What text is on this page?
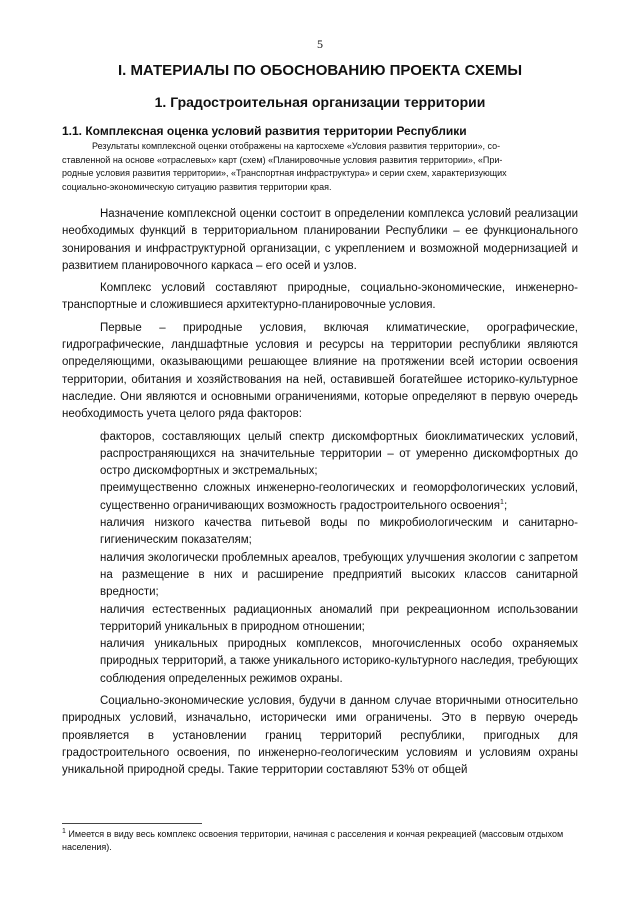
5
I. МАТЕРИАЛЫ ПО ОБОСНОВАНИЮ ПРОЕКТА СХЕМЫ
1. Градостроительная организации территории
1.1. Комплексная оценка условий развития территории Республики
Результаты комплексной оценки отображены на картосхеме «Условия развития территории», со-
ставленной на основе «отраслевых» карт (схем) «Планировочные условия развития территории», «При-
родные условия развития территории», «Транспортная инфраструктура» и серии схем, характеризующих
социально-экономическую ситуацию развития территории края.

Назначение комплексной оценки состоит в определении комплекса условий реализации необходимых функций в территориальном планировании Республики – ее функционального зонирования и инфраструктурной организации, с укреплением и возможной модернизацией и развитием планировочного каркаса – его осей и узлов.

Комплекс условий составляют природные, социально-экономические, инженерно-транспортные и сложившиеся архитектурно-планировочные условия.

Первые – природные условия, включая климатические, орографические, гидрографические, ландшафтные условия и ресурсы на территории республики являются определяющими, оказывающими решающее влияние на протяжении всей истории освоения территории, обитания и хозяйствования на ней, оставившей богатейшее историко-культурное наследие. Они являются и основными ограничениями, которые определяют в первую очередь необходимость учета целого ряда факторов:

факторов, составляющих целый спектр дискомфортных биоклиматических условий, распространяющихся на значительные территории – от умеренно дискомфортных до остро дискомфортных и экстремальных;
преимущественно сложных инженерно-геологических и геоморфологических условий, существенно ограничивающих возможность градостроительного освоения$^1$;
наличия низкого качества питьевой воды по микробиологическим и санитарно-гигиеническим показателям;
наличия экологически проблемных ареалов, требующих улучшения экологии с запретом на размещение в них и расширение предприятий высоких классов санитарной вредности;
наличия естественных радиационных аномалий при рекреационном использовании территорий уникальных в природном отношении;
наличия уникальных природных комплексов, многочисленных особо охраняемых природных территорий, а также уникального историко-культурного наследия, требующих соблюдения определенных режимов охраны.

Социально-экономические условия, будучи в данном случае вторичными относительно природных условий, изначально, исторически ими ограничены. Это в первую очередь проявляется в установлении границ территорий республики, пригодных для градостроительного освоения, по инженерно-геологическим условиям и условиям охраны уникальной природной среды. Такие территории составляют 53% от общей

$^1$ Имеется в виду весь комплекс освоения территории, начиная с расселения и кончая рекреацией (массовым отдыхом населения).
